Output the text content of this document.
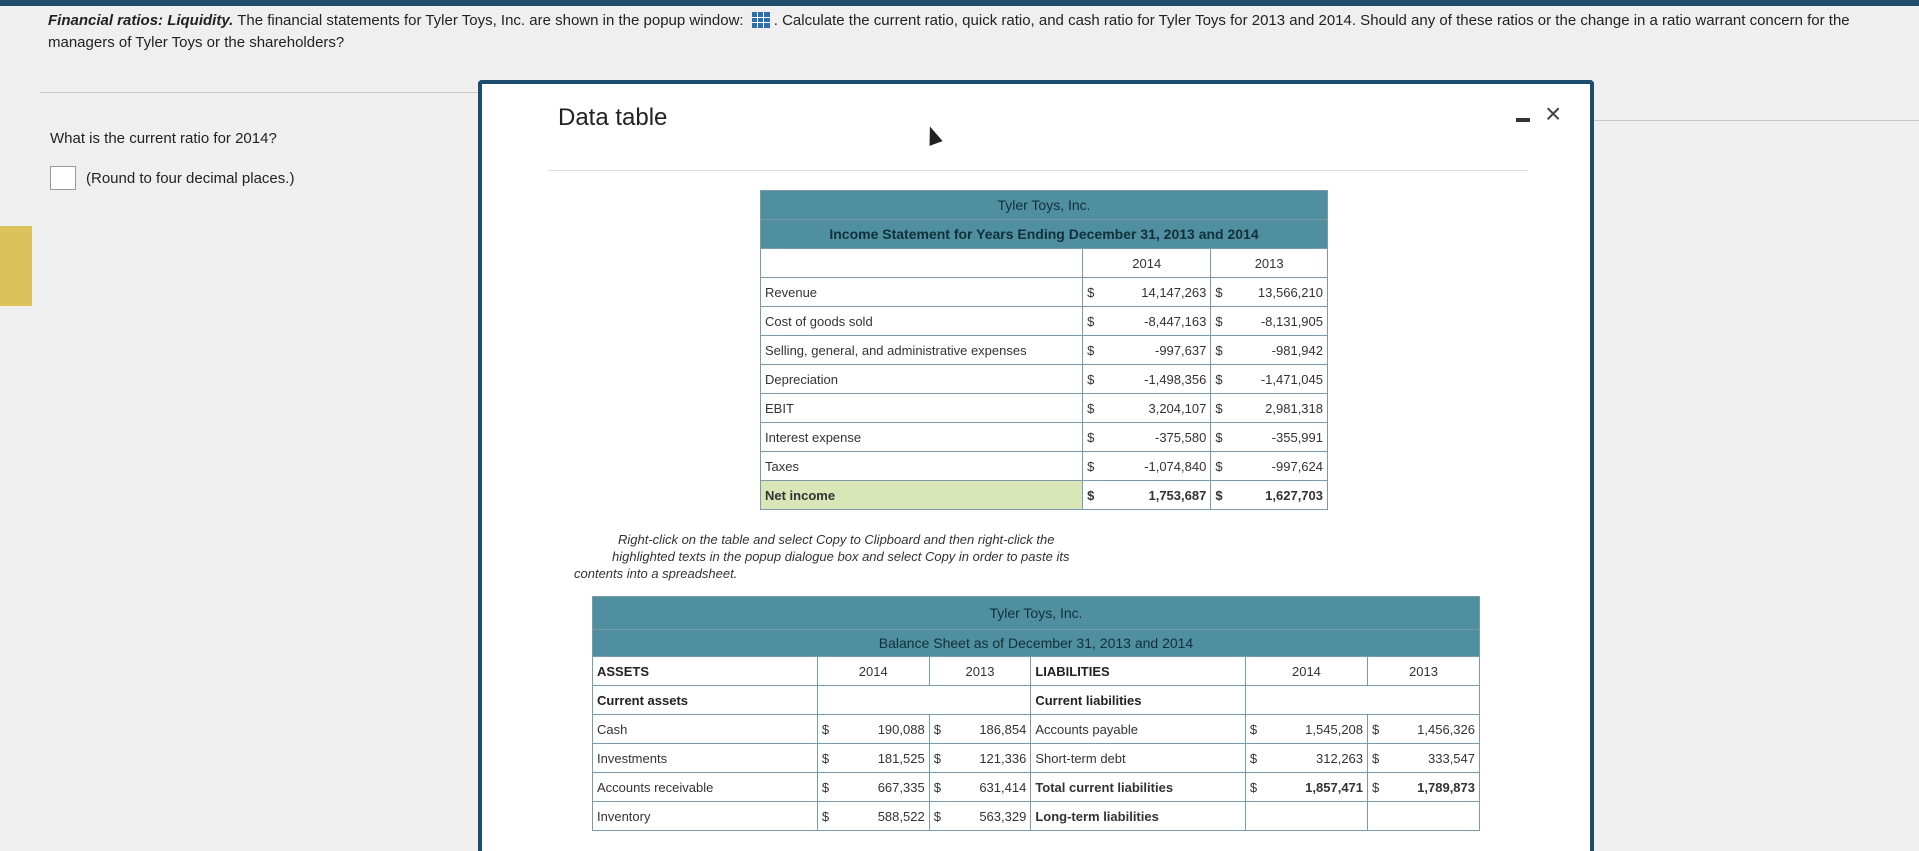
Financial ratios: Liquidity. The financial statements for Tyler Toys, Inc. are shown in the popup window: . Calculate the current ratio, quick ratio, and cash ratio for Tyler Toys for 2013 and 2014. Should any of these ratios or the change in a ratio warrant concern for the managers of Tyler Toys or the shareholders?
What is the current ratio for 2014?
(Round to four decimal places.)
Data table	×
Tyler Toys, Inc.				
Income Statement for Years Ending December 31, 2013 and 2014				
	2014		2013	
Revenue	$	14,147,263	$	13,566,210
Cost of goods sold	$	-8,447,163	$	-8,131,905
Selling, general, and administrative expenses	$	-997,637	$	-981,942
Depreciation	$	-1,498,356	$	-1,471,045
EBIT	$	3,204,107	$	2,981,318
Interest expense	$	-375,580	$	-355,991
Taxes	$	-1,074,840	$	-997,624
Net income	$	1,753,687	$	1,627,703
Right-click on the table and select Copy to Clipboard and then right-click the
highlighted texts in the popup dialogue box and select Copy in order to paste its
contents into a spreadsheet.
Tyler Toys, Inc.									
Balance Sheet as of December 31, 2013 and 2014									
ASSETS	2014		2013		LIABILITIES	2014		2013	
Current assets					Current liabilities				
Cash	$	190,088	$	186,854	Accounts payable	$	1,545,208	$	1,456,326
Investments	$	181,525	$	121,336	Short-term debt	$	312,263	$	333,547
Accounts receivable	$	667,335	$	631,414	Total current liabilities	$	1,857,471	$	1,789,873
Inventory	$	588,522	$	563,329	Long-term liabilities				
